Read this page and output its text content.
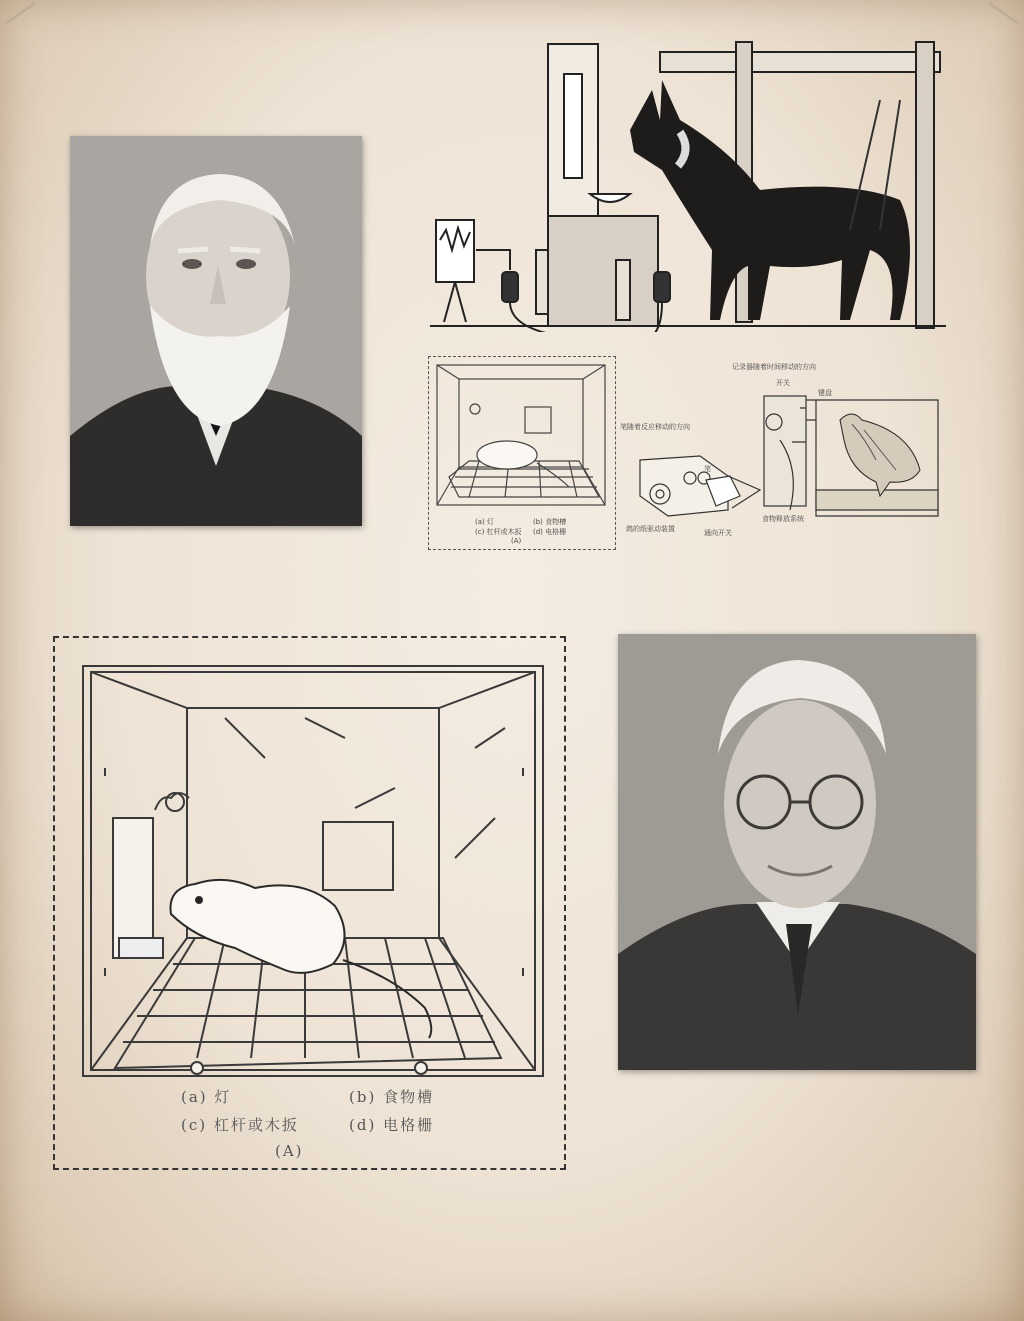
(a) 灯	(b) 食物槽
(c) 杠杆或木扳 (d) 电格栅
(A)
记录器随着时间移动的方向
笔随着反应移动的方向
笔
鸽的纸驱动装置	通向开关
食物释放系统
开关
键盘
(a) 灯	(b) 食物槽
(c) 杠杆或木扳	(d) 电格栅
(A)
